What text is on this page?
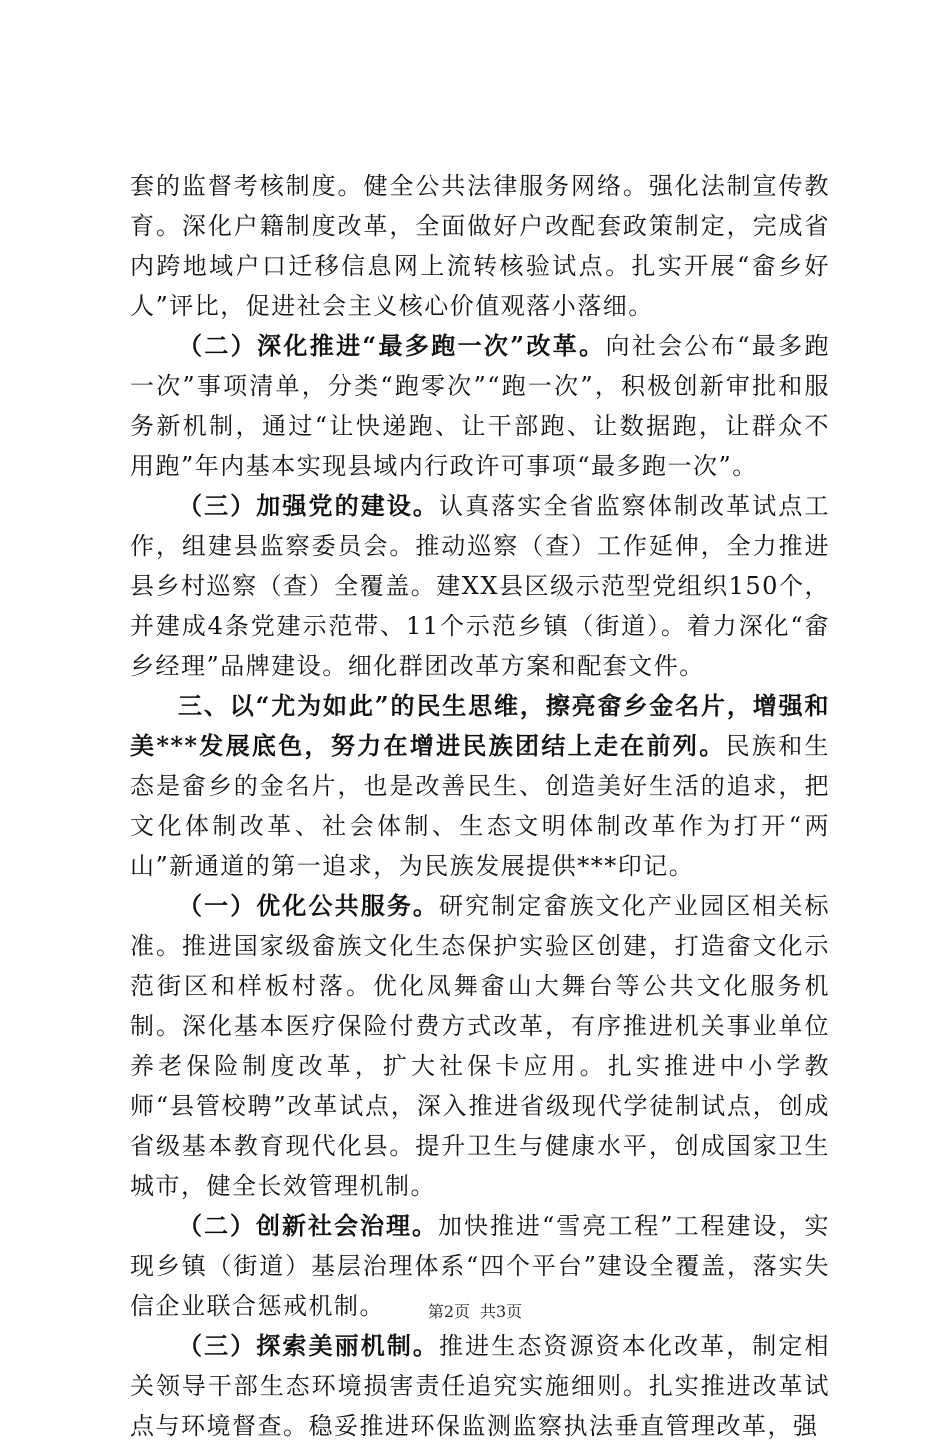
套的监督考核制度。健全公共法律服务网络。强化法制宣传教育。深化户籍制度改革，全面做好户改配套政策制定，完成省内跨地域户口迁移信息网上流转核验试点。扎实开展“畲乡好人”评比，促进社会主义核心价值观落小落细。

（二）深化推进“最多跑一次”改革。向社会公布“最多跑一次”事项清单，分类“跑零次”“跑一次”，积极创新审批和服务新机制，通过“让快递跑、让干部跑、让数据跑，让群众不用跑”年内基本实现县域内行政许可事项“最多跑一次”。

（三）加强党的建设。认真落实全省监察体制改革试点工作，组建县监察委员会。推动巡察（查）工作延伸，全力推进县乡村巡察（查）全覆盖。建XX县区级示范型党组织150个，并建成4条党建示范带、11个示范乡镇（街道）。着力深化“畲乡经理”品牌建设。细化群团改革方案和配套文件。

三、以“尤为如此”的民生思维，擦亮畲乡金名片，增强和美***发展底色，努力在增进民族团结上走在前列。民族和生态是畲乡的金名片，也是改善民生、创造美好生活的追求，把文化体制改革、社会体制、生态文明体制改革作为打开“两山”新通道的第一追求，为民族发展提供***印记。

（一）优化公共服务。研究制定畲族文化产业园区相关标准。推进国家级畲族文化生态保护实验区创建，打造畲文化示范街区和样板村落。优化凤舞畲山大舞台等公共文化服务机制。深化基本医疗保险付费方式改革，有序推进机关事业单位养老保险制度改革，扩大社保卡应用。扎实推进中小学教师“县管校聘”改革试点，深入推进省级现代学徒制试点，创成省级基本教育现代化县。提升卫生与健康水平，创成国家卫生城市，健全长效管理机制。

（二）创新社会治理。加快推进“雪亮工程”工程建设，实现乡镇（街道）基层治理体系“四个平台”建设全覆盖，落实失信企业联合惩戒机制。

（三）探索美丽机制。推进生态资源资本化改革，制定相关领导干部生态环境损害责任追究实施细则。扎实推进改革试点与环境督查。稳妥推进环保监测监察执法垂直管理改革，强

第2页 共3页
